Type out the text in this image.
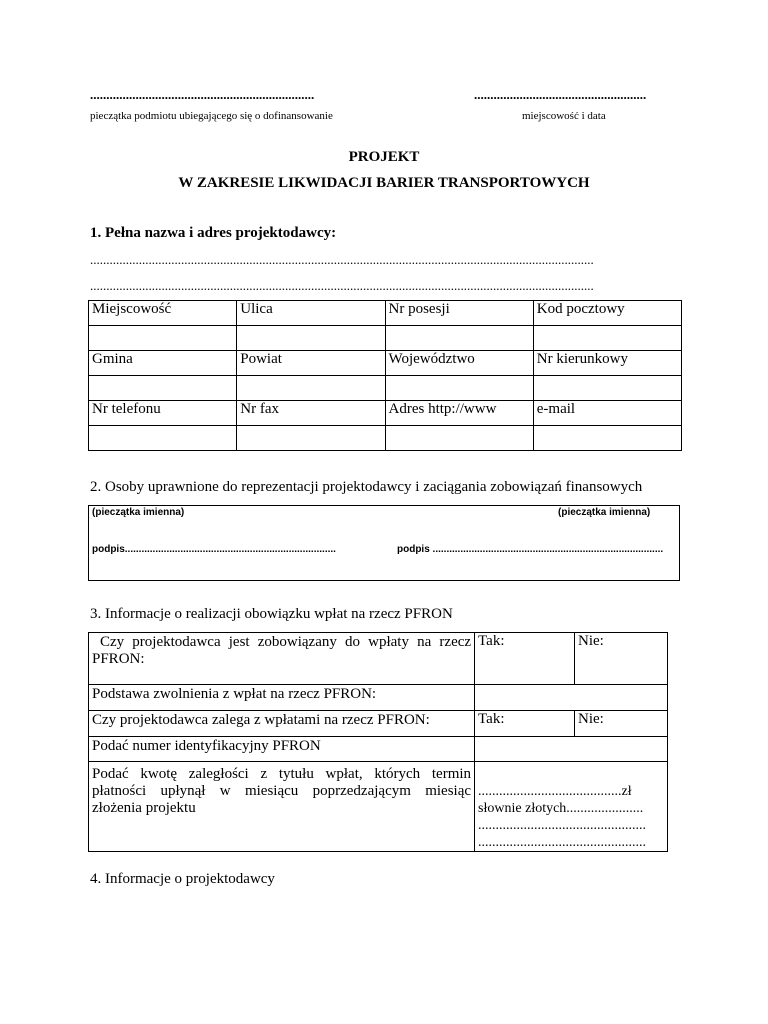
.....................................................................
pieczątka podmiotu ubiegającego się o dofinansowanie
.....................................................
miejscowość i data
PROJEKT
W ZAKRESIE LIKWIDACJI BARIER TRANSPORTOWYCH
1. Pełna nazwa i adres projektodawcy:
...........................................................................................................................................................
...........................................................................................................................................................
Miejscowość	Ulica	Nr posesji	Kod pocztowy

Gmina	Powiat	Województwo	Nr kierunkowy

Nr telefonu	Nr fax	Adres http://www	e-mail

2. Osoby uprawnione do reprezentacji projektodawcy i zaciągania zobowiązań finansowych
(pieczątka imienna)	(pieczątka imienna)
podpis............................................................................	podpis ...................................................................................
3. Informacje o realizacji obowiązku wpłat na rzecz PFRON
Czy projektodawca jest zobowiązany do wpłaty na rzecz PFRON:	Tak:	Nie:
Podstawa zwolnienia z wpłat na rzecz PFRON:		
Czy projektodawca zalega z wpłatami na rzecz PFRON:	Tak:	Nie:
Podać numer identyfikacyjny PFRON		
Podać kwotę zaległości z tytułu wpłat, których termin płatności upłynął w miesiącu poprzedzającym miesiąc złożenia projektu	.........................................zł
słownie złotych......................
................................................
................................................	
4. Informacje o projektodawcy
